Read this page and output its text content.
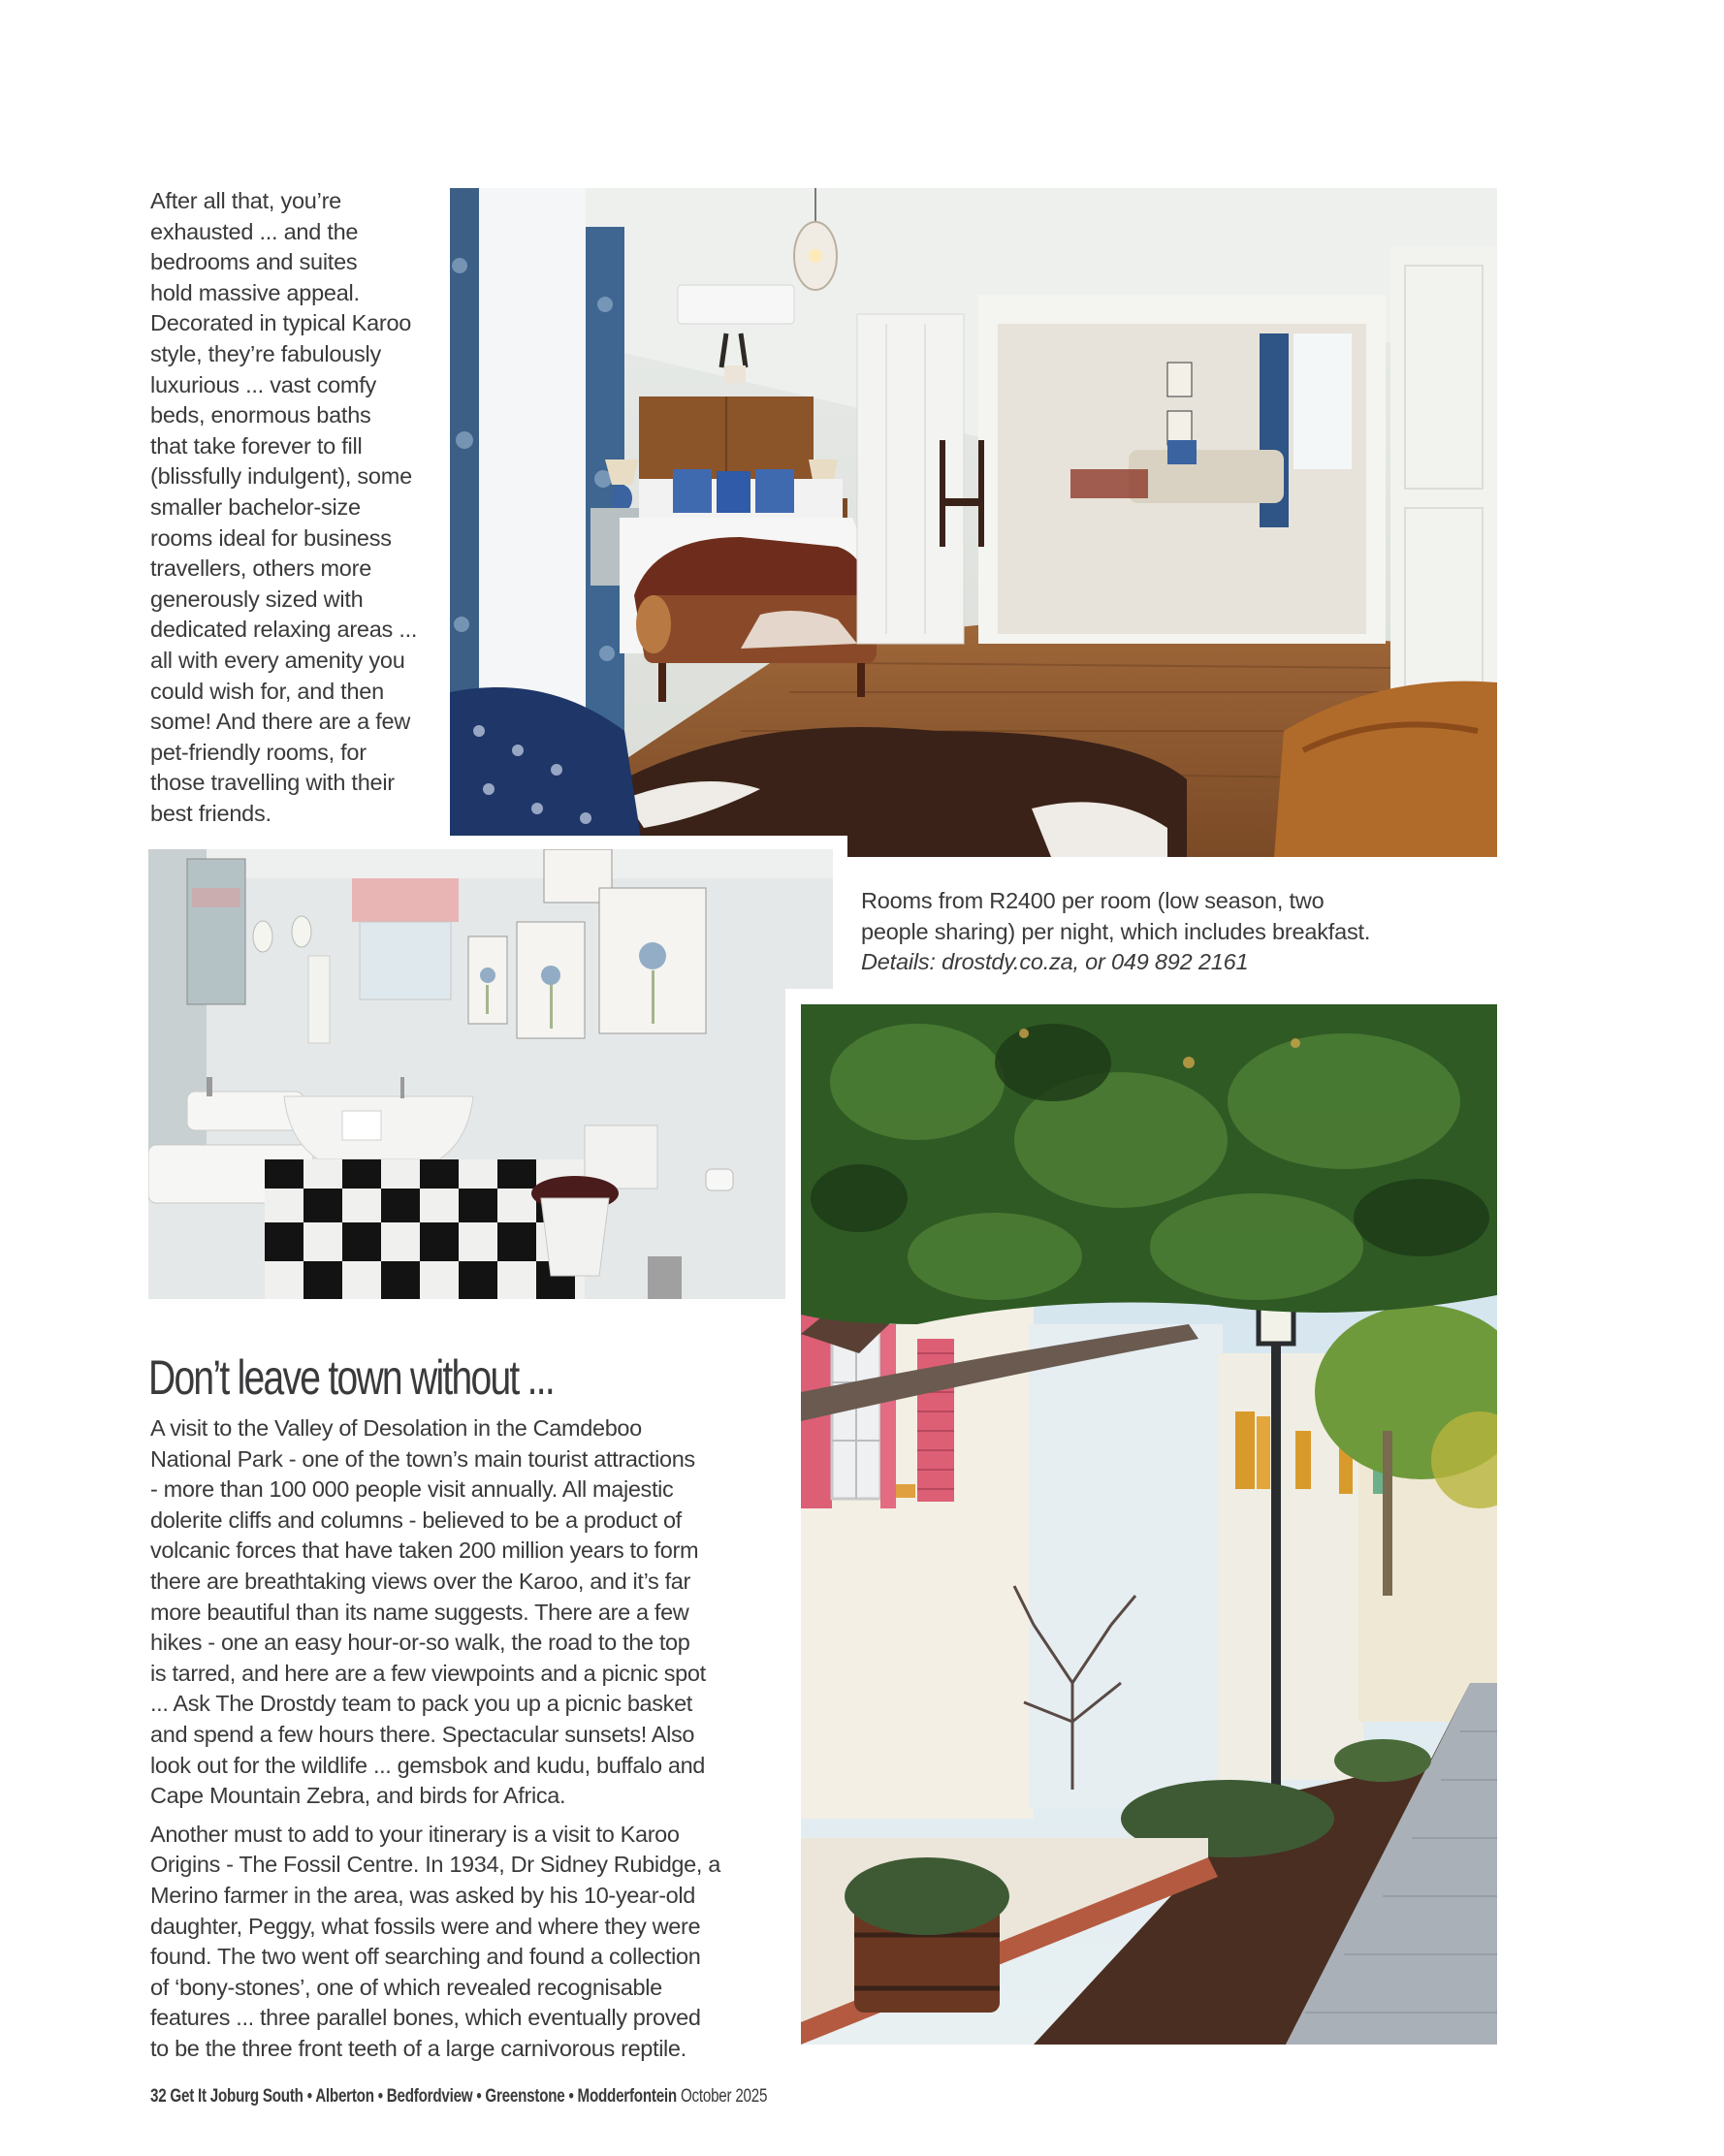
After all that, you’re
exhausted ... and the
bedrooms and suites
hold massive appeal.
Decorated in typical Karoo
style, they’re fabulously
luxurious ... vast comfy
beds, enormous baths
that take forever to fill
(blissfully indulgent), some
smaller bachelor-size
rooms ideal for business
travellers, others more
generously sized with
dedicated relaxing areas ...
all with every amenity you
could wish for, and then
some! And there are a few
pet-friendly rooms, for
those travelling with their
best friends.
Rooms from R2400 per room (low season, two
people sharing) per night, which includes breakfast.
Details: drostdy.co.za, or 049 892 2161
Don’t leave town without ...
A visit to the Valley of Desolation in the Camdeboo
National Park - one of the town’s main tourist attractions
- more than 100 000 people visit annually. All majestic
dolerite cliffs and columns - believed to be a product of
volcanic forces that have taken 200 million years to form
there are breathtaking views over the Karoo, and it’s far
more beautiful than its name suggests. There are a few
hikes - one an easy hour-or-so walk, the road to the top
is tarred, and here are a few viewpoints and a picnic spot
... Ask The Drostdy team to pack you up a picnic basket
and spend a few hours there. Spectacular sunsets! Also
look out for the wildlife ... gemsbok and kudu, buffalo and
Cape Mountain Zebra, and birds for Africa.
Another must to add to your itinerary is a visit to Karoo
Origins - The Fossil Centre. In 1934, Dr Sidney Rubidge, a
Merino farmer in the area, was asked by his 10-year-old
daughter, Peggy, what fossils were and where they were
found. The two went off searching and found a collection
of ‘bony-stones’, one of which revealed recognisable
features ... three parallel bones, which eventually proved
to be the three front teeth of a large carnivorous reptile.
32 Get It Joburg South • Alberton • Bedfordview • Greenstone • Modderfontein October 2025
